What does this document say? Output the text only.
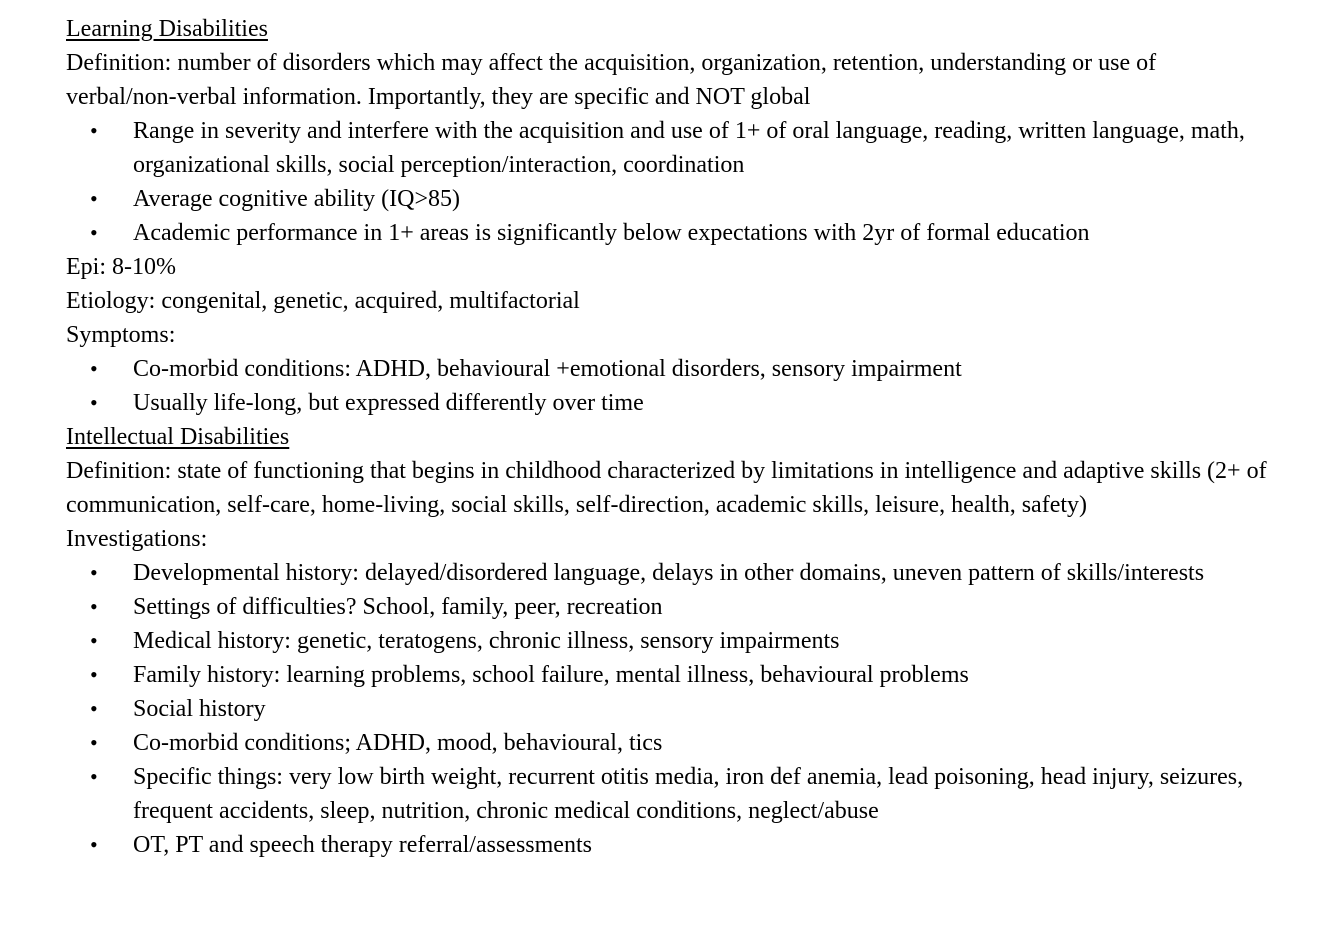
Learning Disabilities
Definition: number of disorders which may affect the acquisition, organization, retention, understanding or use of verbal/non-verbal information. Importantly, they are specific and NOT global
•	Range in severity and interfere with the acquisition and use of 1+ of oral language, reading, written language, math, organizational skills, social perception/interaction, coordination
•	Average cognitive ability (IQ>85)
•	Academic performance in 1+ areas is significantly below expectations with 2yr of formal education
Epi: 8-10%
Etiology: congenital, genetic, acquired, multifactorial
Symptoms:
•	Co-morbid conditions: ADHD, behavioural +emotional disorders, sensory impairment
•	Usually life-long, but expressed differently over time
Intellectual Disabilities
Definition: state of functioning that begins in childhood characterized by limitations in intelligence and adaptive skills (2+ of communication, self-care, home-living, social skills, self-direction, academic skills, leisure, health, safety)
Investigations:
•	Developmental history: delayed/disordered language, delays in other domains, uneven pattern of skills/interests
•	Settings of difficulties? School, family, peer, recreation
•	Medical history: genetic, teratogens, chronic illness, sensory impairments
•	Family history: learning problems, school failure, mental illness, behavioural problems
•	Social history
•	Co-morbid conditions; ADHD, mood, behavioural, tics
•	Specific things: very low birth weight, recurrent otitis media, iron def anemia, lead poisoning, head injury, seizures, frequent accidents, sleep, nutrition, chronic medical conditions, neglect/abuse
•	OT, PT and speech therapy referral/assessments
